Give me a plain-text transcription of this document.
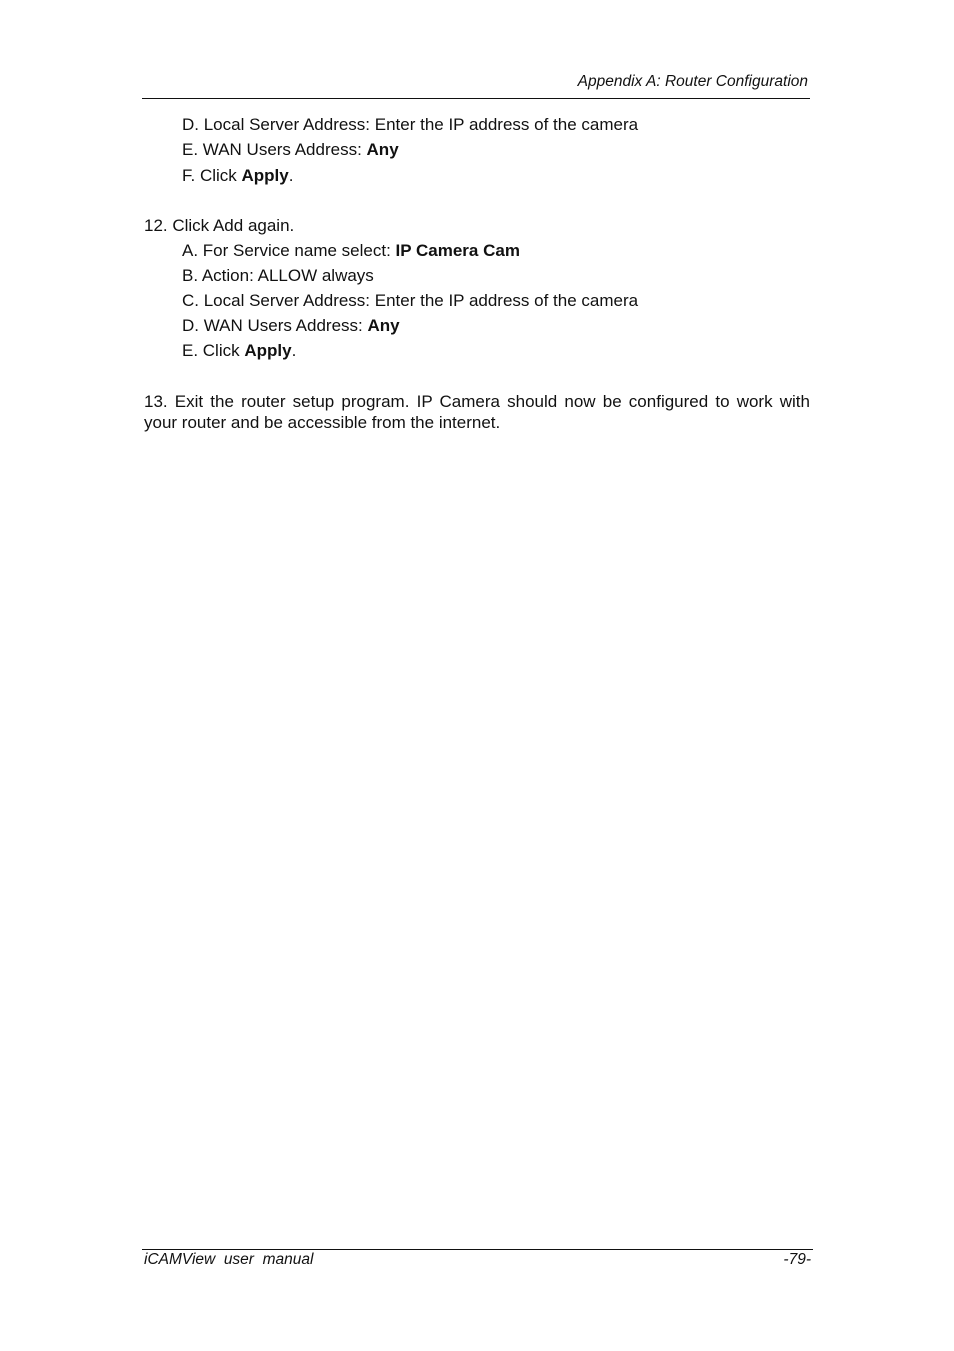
Appendix A: Router Configuration
D. Local Server Address: Enter the IP address of the camera
E. WAN Users Address: Any
F. Click Apply.
12. Click Add again.
A. For Service name select: IP Camera Cam
B. Action: ALLOW always
C. Local Server Address: Enter the IP address of the camera
D. WAN Users Address: Any
E. Click Apply.
13. Exit the router setup program. IP Camera should now be configured to work with your router and be accessible from the internet.
iCAMView  user  manual	-79-
